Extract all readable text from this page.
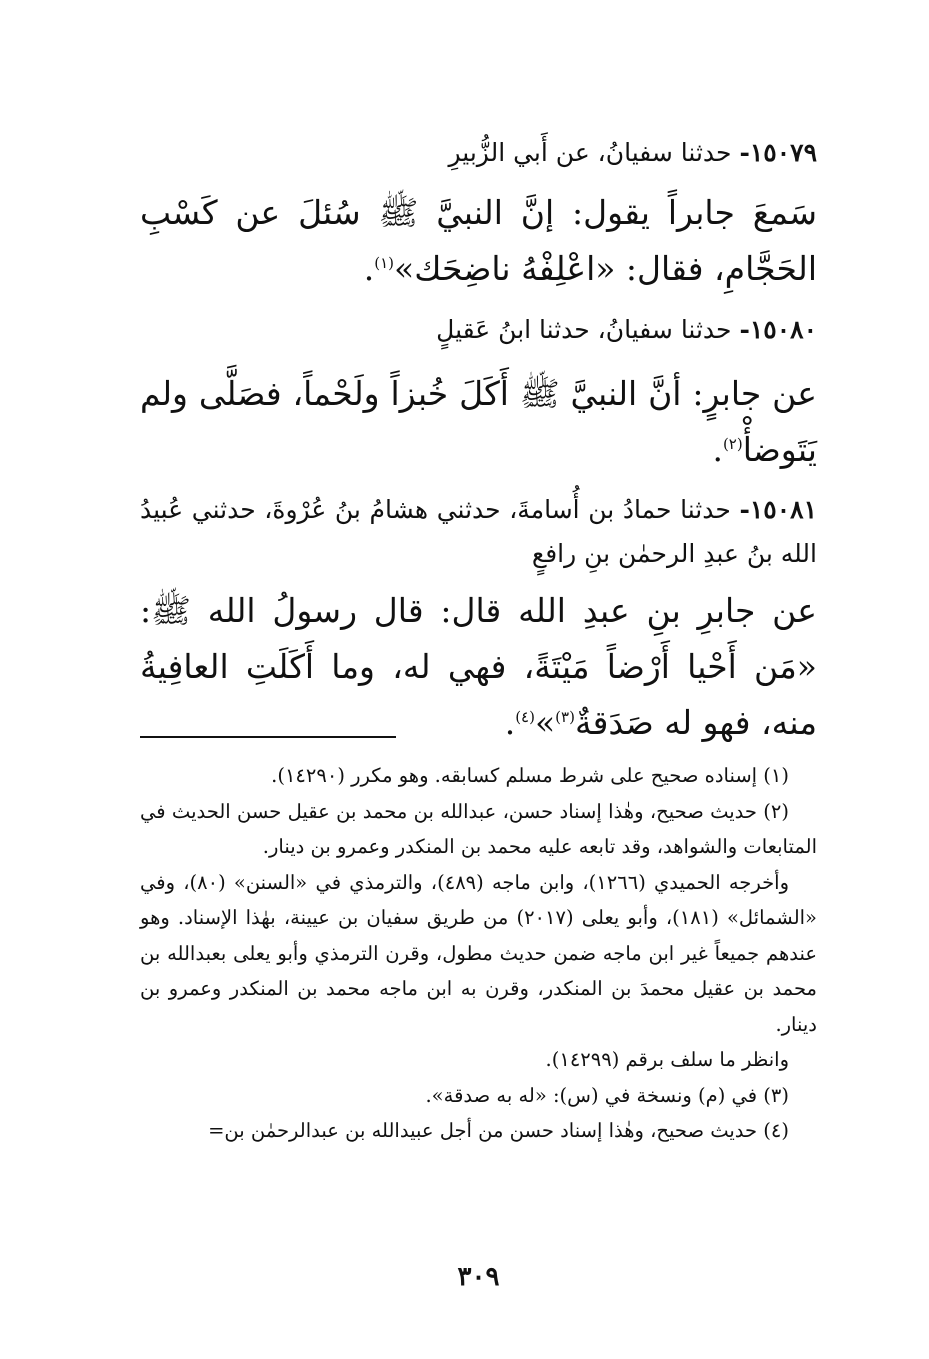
١٥٠٧٩- حدثنا سفيانُ، عن أَبي الزُّبيرِ
سَمعَ جابراً يقول: إنَّ النبيَّ ﷺ سُئلَ عن كَسْبِ الحَجَّامِ، فقال: «اعْلِفْهُ ناضِحَك»$^{(١)}$.
١٥٠٨٠- حدثنا سفيانُ، حدثنا ابنُ عَقيلٍ
عن جابرٍ: أنَّ النبيَّ ﷺ أَكَلَ خُبزاً ولَحْماً، فصَلَّى ولم يَتَوضأْ$^{(٢)}$.
١٥٠٨١- حدثنا حمادُ بن أُسامةَ، حدثني هشامُ بنُ عُرْوةَ، حدثني عُبيدُ الله بنُ عبدِ الرحمٰن بنِ رافعٍ
عن جابرِ بنِ عبدِ الله قال: قال رسولُ الله ﷺ: «مَن أَحْيا أَرْضاً مَيْتَةً، فهي له، وما أَكَلَتِ العافِيةُ منه، فهو له صَدَقةٌ$^{(٣)}$»$^{(٤)}$.

(١) إسناده صحيح على شرط مسلم كسابقه. وهو مكرر (١٤٢٩٠).

(٢) حديث صحيح، وهٰذا إسناد حسن، عبدالله بن محمد بن عقيل حسن الحديث في المتابعات والشواهد، وقد تابعه عليه محمد بن المنكدر وعمرو بن دينار.

وأخرجه الحميدي (١٢٦٦)، وابن ماجه (٤٨٩)، والترمذي في «السنن» (٨٠)، وفي «الشمائل» (١٨١)، وأبو يعلى (٢٠١٧) من طريق سفيان بن عيينة، بهٰذا الإسناد. وهو عندهم جميعاً غير ابن ماجه ضمن حديث مطول، وقرن الترمذي وأبو يعلى بعبدالله بن محمد بن عقيل محمدَ بن المنكدر، وقرن به ابن ماجه محمد بن المنكدر وعمرو بن دينار.

وانظر ما سلف برقم (١٤٢٩٩).

(٣) في (م) ونسخة في (س): «له به صدقة».

(٤) حديث صحيح، وهٰذا إسناد حسن من أجل عبيدالله بن عبدالرحمٰن بن=

٣٠٩
